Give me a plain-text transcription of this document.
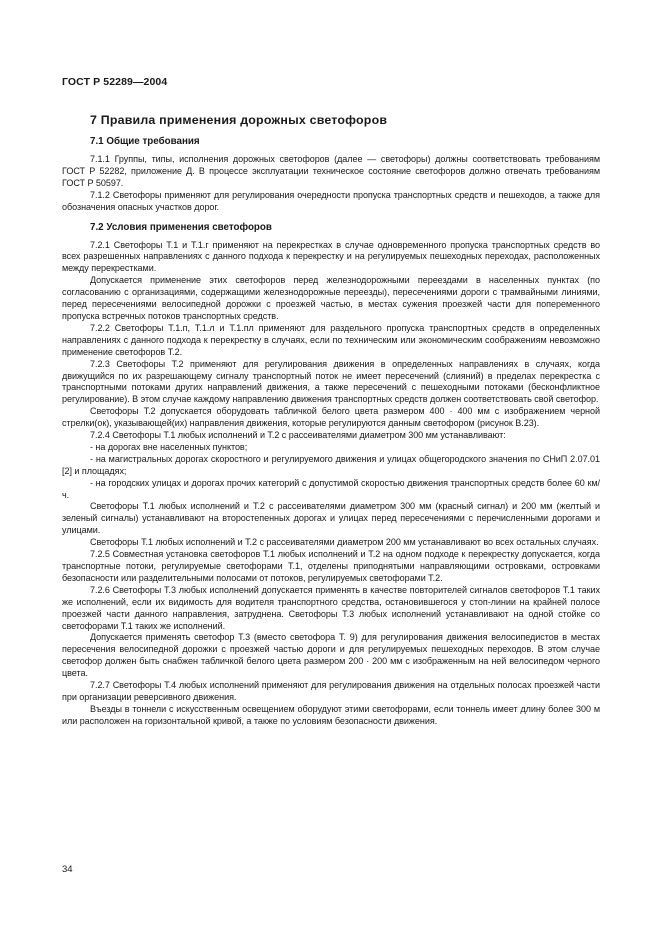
ГОСТ Р 52289—2004
7 Правила применения дорожных светофоров
7.1 Общие требования

7.1.1 Группы, типы, исполнения дорожных светофоров (далее — светофоры) должны соответствовать требованиям ГОСТ Р 52282, приложение Д. В процессе эксплуатации техническое состояние светофоров должно отвечать требованиям ГОСТ Р 50597.

7.1.2 Светофоры применяют для регулирования очередности пропуска транспортных средств и пешеходов, а также для обозначения опасных участков дорог.

7.2 Условия применения светофоров

7.2.1 Светофоры Т.1 и Т.1.г применяют на перекрестках в случае одновременного пропуска транспортных средств во всех разрешенных направлениях с данного подхода к перекрестку и на регулируемых пешеходных переходах, расположенных между перекрестками.

Допускается применение этих светофоров перед железнодорожными переездами в населенных пунктах (по согласованию с организациями, содержащими железнодорожные переезды), пересечениями дороги с трамвайными линиями, перед пересечениями велосипедной дорожки с проезжей частью, в местах сужения проезжей части для попеременного пропуска встречных потоков транспортных средств.

7.2.2 Светофоры Т.1.п, Т.1.л и Т.1.пл применяют для раздельного пропуска транспортных средств в определенных направлениях с данного подхода к перекрестку в случаях, если по техническим или экономическим соображениям невозможно применение светофоров Т.2.

7.2.3 Светофоры Т.2 применяют для регулирования движения в определенных направлениях в случаях, когда движущийся по их разрешающему сигналу транспортный поток не имеет пересечений (слияний) в пределах перекрестка с транспортными потоками других направлений движения, а также пересечений с пешеходными потоками (бесконфликтное регулирование). В этом случае каждому направлению движения транспортных средств должен соответствовать свой светофор.

Светофоры Т.2 допускается оборудовать табличкой белого цвета размером 400 · 400 мм с изображением черной стрелки(ок), указывающей(их) направления движения, которые регулируются данным светофором (рисунок В.23).

7.2.4 Светофоры Т.1 любых исполнений и Т.2 с рассеивателями диаметром 300 мм устанавливают:

- на дорогах вне населенных пунктов;

- на магистральных дорогах скоростного и регулируемого движения и улицах общегородского значения по СНиП 2.07.01 [2] и площадях;

- на городских улицах и дорогах прочих категорий с допустимой скоростью движения транспортных средств более 60 км/ч.

Светофоры Т.1 любых исполнений и Т.2 с рассеивателями диаметром 300 мм (красный сигнал) и 200 мм (желтый и зеленый сигналы) устанавливают на второстепенных дорогах и улицах перед пересечениями с перечисленными дорогами и улицами.

Светофоры Т.1 любых исполнений и Т.2 с рассеивателями диаметром 200 мм устанавливают во всех остальных случаях.

7.2.5 Совместная установка светофоров Т.1 любых исполнений и Т.2 на одном подходе к перекрестку допускается, когда транспортные потоки, регулируемые светофорами Т.1, отделены приподнятыми направляющими островками, островками безопасности или разделительными полосами от потоков, регулируемых светофорами Т.2.

7.2.6 Светофоры Т.3 любых исполнений допускается применять в качестве повторителей сигналов светофоров Т.1 таких же исполнений, если их видимость для водителя транспортного средства, остановившегося у стоп-линии на крайней полосе проезжей части данного направления, затруднена. Светофоры Т.3 любых исполнений устанавливают на одной стойке со светофорами Т.1 таких же исполнений.

Допускается применять светофор Т.3 (вместо светофора Т. 9) для регулирования движения велосипедистов в местах пересечения велосипедной дорожки с проезжей частью дороги и для регулируемых пешеходных переходов. В этом случае светофор должен быть снабжен табличкой белого цвета размером 200 · 200 мм с изображенным на ней велосипедом черного цвета.

7.2.7 Светофоры Т.4 любых исполнений применяют для регулирования движения на отдельных полосах проезжей части при организации реверсивного движения.

Въезды в тоннели с искусственным освещением оборудуют этими светофорами, если тоннель имеет длину более 300 м или расположен на горизонтальной кривой, а также по условиям безопасности движения.

34
